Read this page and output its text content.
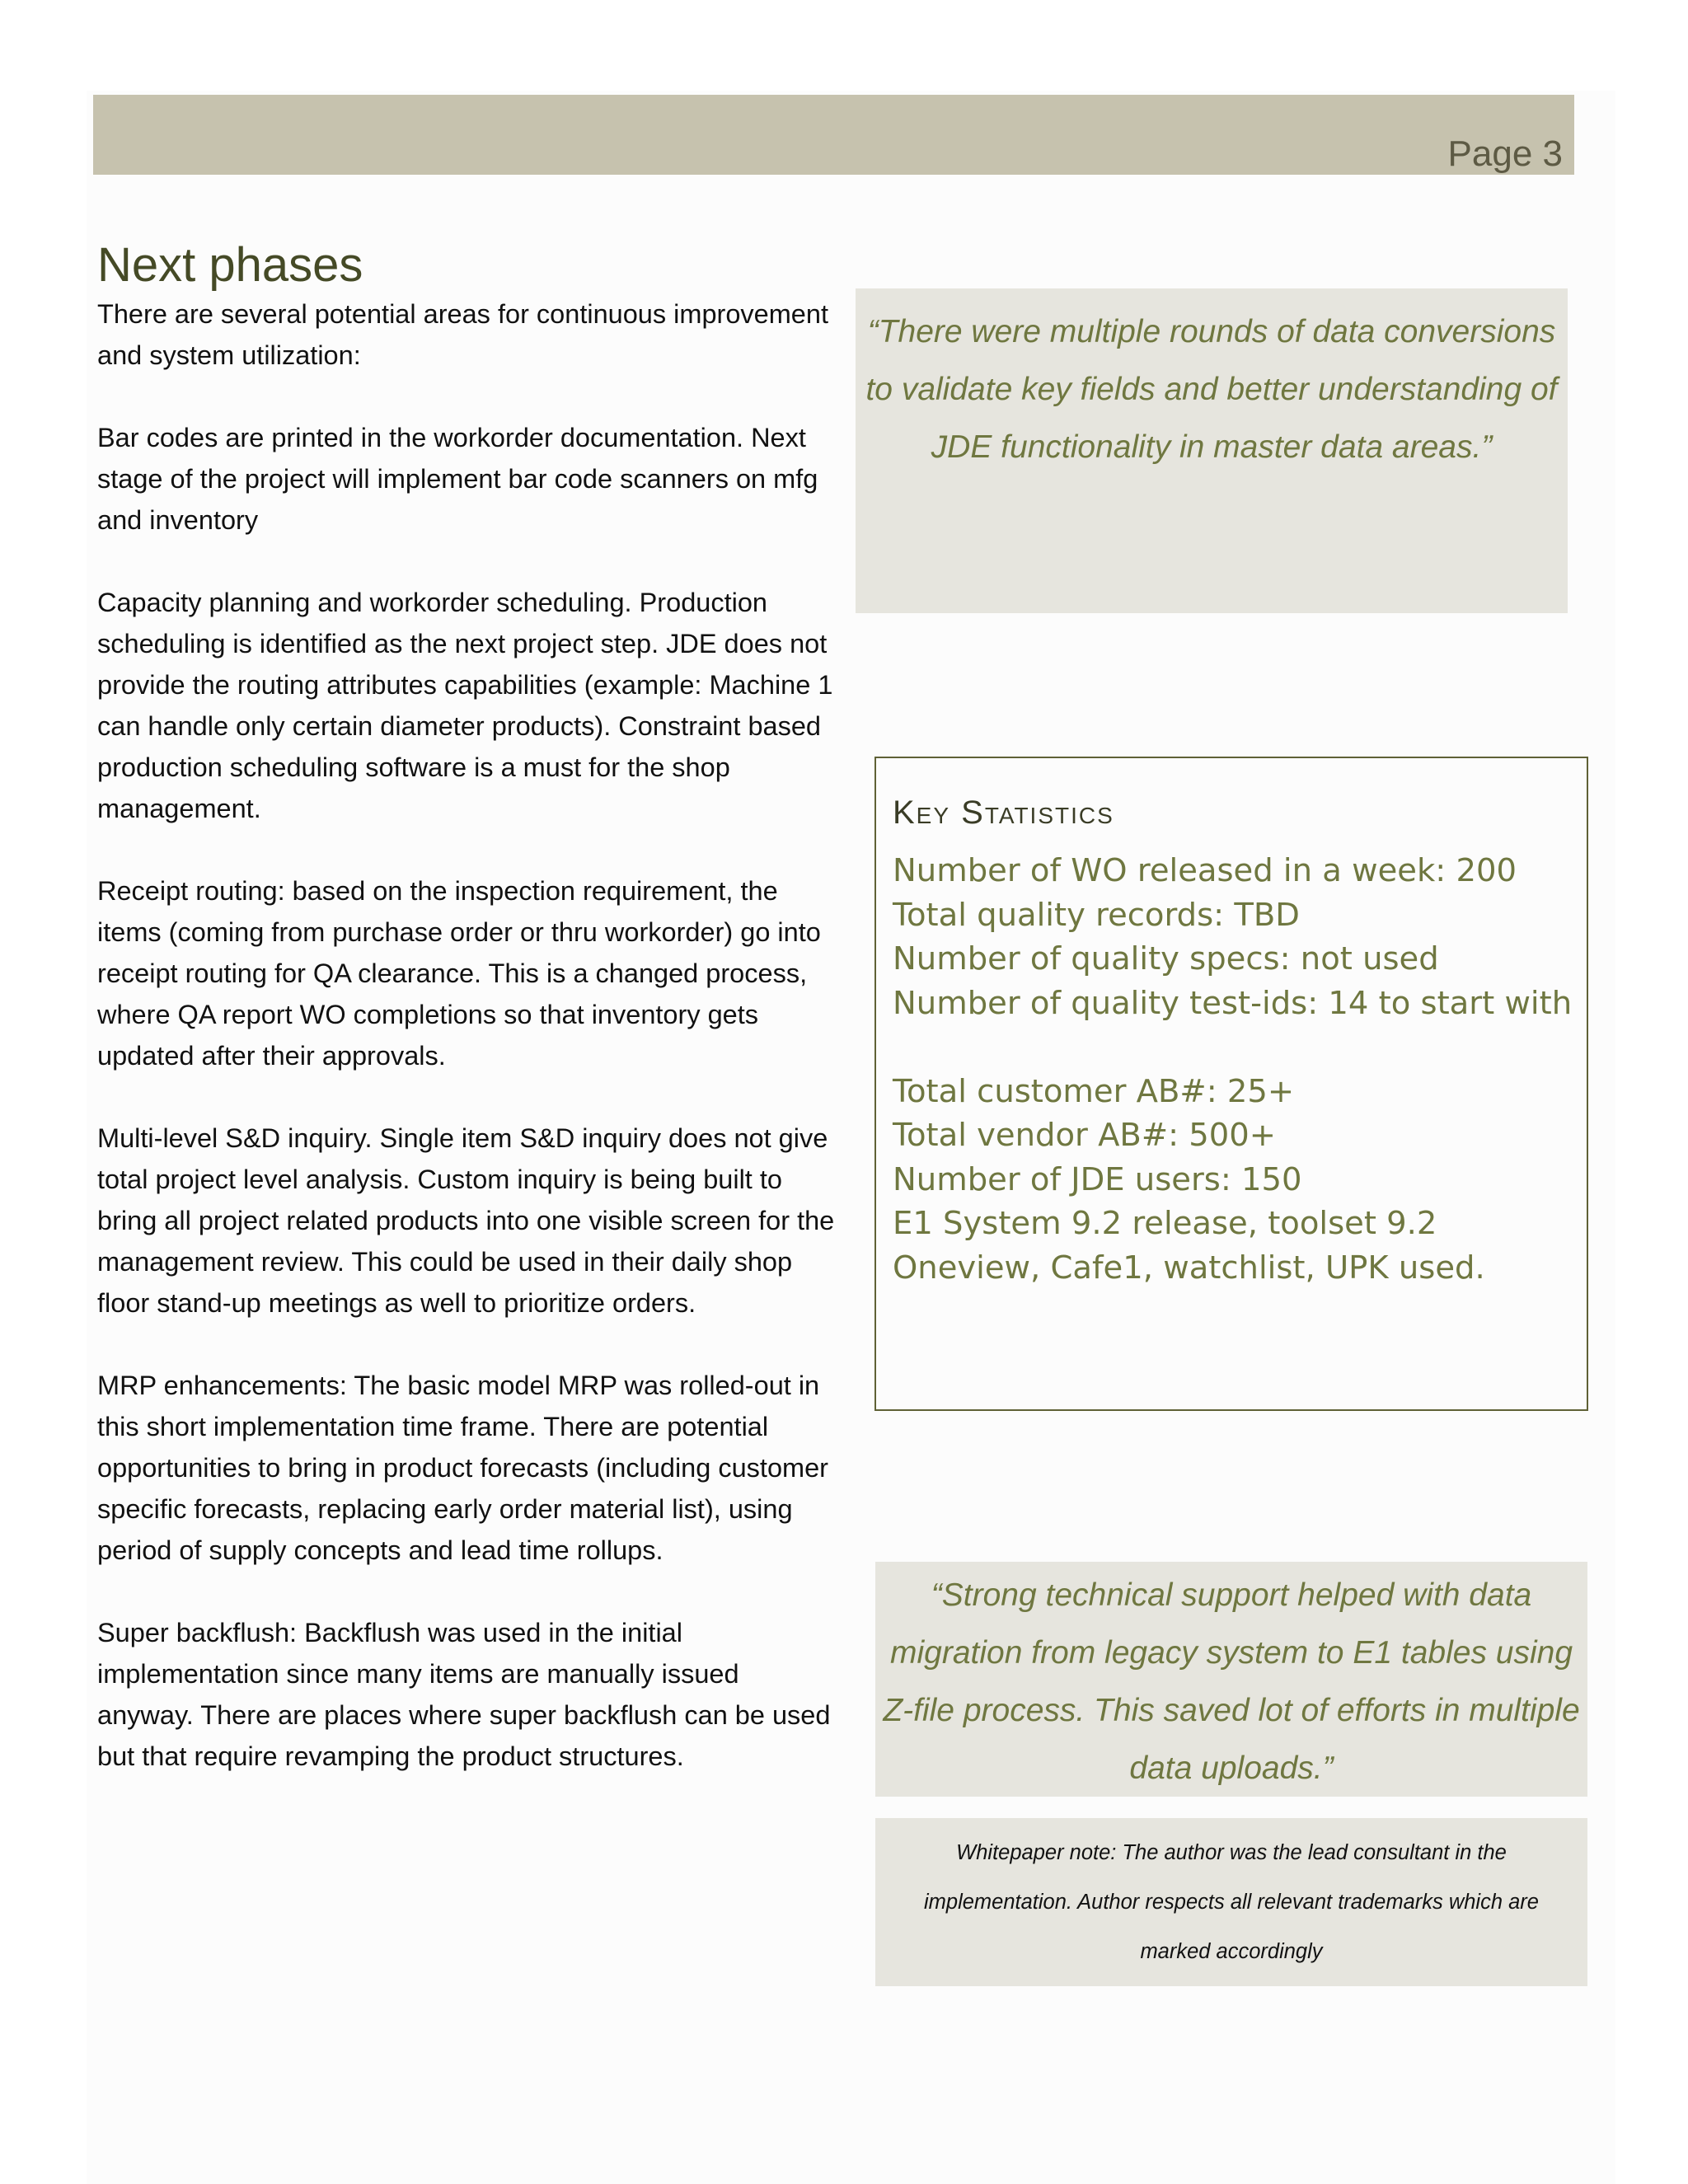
Page 3
Next phases

There are several potential areas for continuous improvement and system utilization:

Bar codes are printed in the workorder documentation. Next stage of the project will implement bar code scanners on mfg and inventory

Capacity planning and workorder scheduling. Production scheduling is identified as the next project step. JDE does not provide the routing attributes capabilities (example: Machine 1 can handle only certain diameter products). Constraint based production scheduling software is a must for the shop management.

Receipt routing: based on the inspection requirement, the items (coming from purchase order or thru workorder) go into receipt routing for QA clearance. This is a changed process, where QA report WO completions so that inventory gets updated after their approvals.

Multi-level S&D inquiry. Single item S&D inquiry does not give total project level analysis. Custom inquiry is being built to bring all project related products into one visible screen for the management review. This could be used in their daily shop floor stand-up meetings as well to prioritize orders.

MRP enhancements: The basic model MRP was rolled-out in this short implementation time frame. There are potential opportunities to bring in product forecasts (including customer specific forecasts, replacing early order material list), using period of supply concepts and lead time rollups.

Super backflush: Backflush was used in the initial implementation since many items are manually issued anyway. There are places where super backflush can be used but that require revamping the product structures.

“There were multiple rounds of data conversions to validate key fields and better understanding of JDE functionality in master data areas.”
Key Statistics

Number of WO released in a week: 200

Total quality records: TBD

Number of quality specs: not used

Number of quality test-ids: 14 to start with

Total customer AB#: 25+

Total vendor AB#: 500+

Number of JDE users: 150

E1 System 9.2 release, toolset 9.2

Oneview, Cafe1, watchlist, UPK used.

“Strong technical support helped with data migration from legacy system to E1 tables using Z-file process. This saved lot of efforts in multiple data uploads.”
Whitepaper note: The author was the lead consultant in the implementation. Author respects all relevant trademarks which are marked accordingly
